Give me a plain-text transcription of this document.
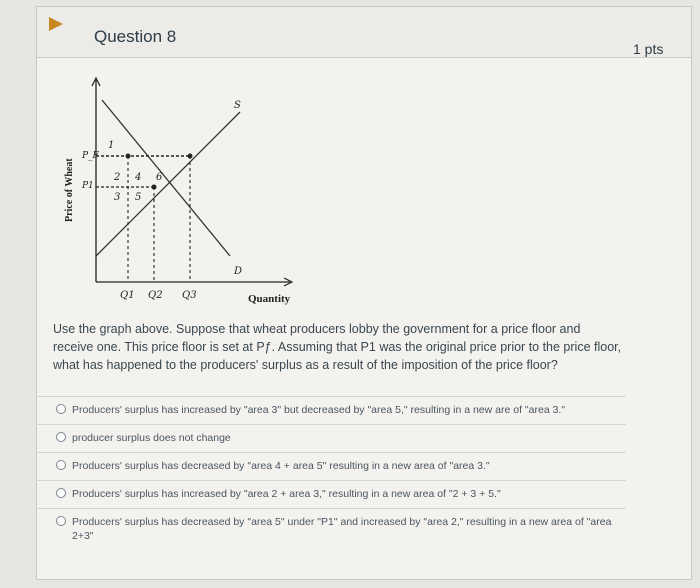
Question 8
1 pts
Price of Wheat
P_F
P1
S
D
Quantity
Q1 Q2 Q3
1
2
3
4
5
6
Use the graph above. Suppose that wheat producers lobby the government for a price floor and receive one. This price floor is set at Pƒ. Assuming that P1 was the original price prior to the price floor, what has happened to the producers' surplus as a result of the imposition of the price floor?
Producers' surplus has increased by "area 3" but decreased by "area 5," resulting in a new are of "area 3."
producer surplus does not change
Producers' surplus has decreased by "area 4 + area 5" resulting in a new area of "area 3."
Producers' surplus has increased by "area 2 + area 3," resulting in a new area of "2 + 3 + 5."
Producers' surplus has decreased by "area 5" under "P1" and increased by "area 2," resulting in a new area of "area 2+3"
